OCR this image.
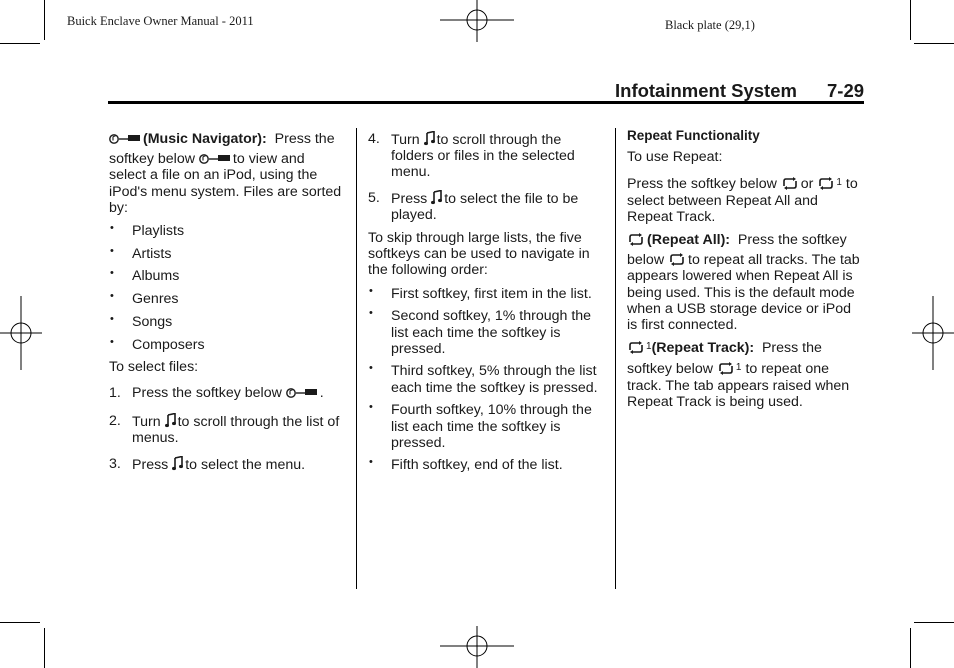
Buick Enclave Owner Manual - 2011	Black plate (29,1)
Infotainment System 7-29

(Music Navigator): Press the

softkey below	to view and select a file on an iPod, using the iPod's menu system. Files are sorted by:

• Playlists
• Artists
• Albums
• Genres
• Songs
• Composers

To select files:

1. Press the softkey below	.
2. Turn to scroll through the list of menus.
3. Press to select the menu.
4. Turn to scroll through the folders or files in the selected menu.
5. Press to select the file to be played.

To skip through large lists, the five softkeys can be used to navigate in the following order:

• First softkey, first item in the list.
• Second softkey, 1% through the list each time the softkey is pressed.
• Third softkey, 5% through the list each time the softkey is pressed.
• Fourth softkey, 10% through the list each time the softkey is pressed.
• Fifth softkey, end of the list.

Repeat Functionality

To use Repeat:

Press the softkey below or $^1$ to select between Repeat All and Repeat Track.

(Repeat All): Press the softkey

below to repeat all tracks. The tab appears lowered when Repeat All is being used. This is the default mode when a USB storage device or iPod is first connected.

$^1$(Repeat Track): Press the

softkey below $^1$ to repeat one track. The tab appears raised when Repeat Track is being used.
